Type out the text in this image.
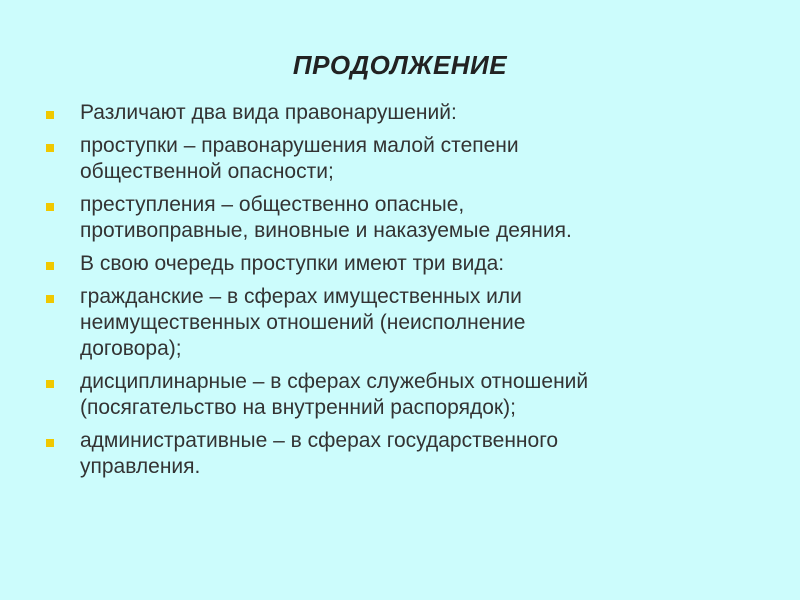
ПРОДОЛЖЕНИЕ
Различают два вида правонарушений:
проступки – правонарушения малой степени
общественной опасности;
преступления – общественно опасные,
противоправные, виновные и наказуемые деяния.
В свою очередь проступки имеют три вида:
гражданские – в сферах имущественных или
неимущественных отношений (неисполнение
договора);
дисциплинарные – в сферах служебных отношений
(посягательство на внутренний распорядок);
административные – в сферах государственного
управления.
